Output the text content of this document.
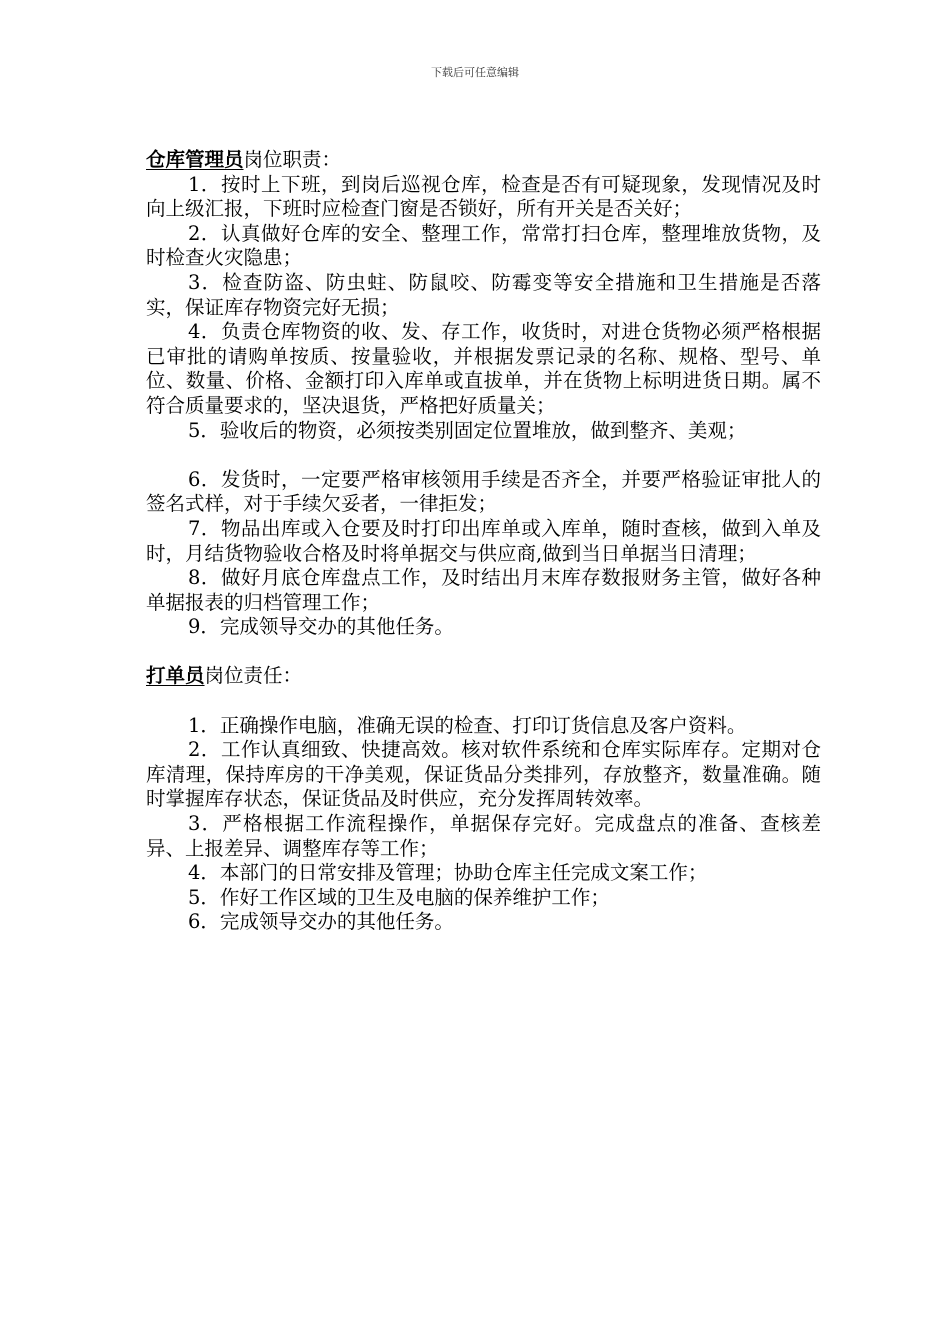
下载后可任意编辑

仓库管理员岗位职责：

1．按时上下班，到岗后巡视仓库，检查是否有可疑现象，发现情况及时向上级汇报，下班时应检查门窗是否锁好，所有开关是否关好；

2．认真做好仓库的安全、整理工作，常常打扫仓库，整理堆放货物，及时检查火灾隐患；

3．检查防盗、防虫蛀、防鼠咬、防霉变等安全措施和卫生措施是否落实，保证库存物资完好无损；

4．负责仓库物资的收、发、存工作，收货时，对进仓货物必须严格根据已审批的请购单按质、按量验收，并根据发票记录的名称、规格、型号、单位、数量、价格、金额打印入库单或直拔单，并在货物上标明进货日期。属不符合质量要求的，坚决退货，严格把好质量关；

5．验收后的物资，必须按类别固定位置堆放，做到整齐、美观；

6．发货时，一定要严格审核领用手续是否齐全，并要严格验证审批人的签名式样，对于手续欠妥者，一律拒发；

7．物品出库或入仓要及时打印出库单或入库单，随时查核，做到入单及时，月结货物验收合格及时将单据交与供应商,做到当日单据当日清理；

8．做好月底仓库盘点工作，及时结出月末库存数报财务主管，做好各种单据报表的归档管理工作；

9．完成领导交办的其他任务。

打单员岗位责任：

1．正确操作电脑，准确无误的检查、打印订货信息及客户资料。

2．工作认真细致、快捷高效。核对软件系统和仓库实际库存。定期对仓库清理，保持库房的干净美观，保证货品分类排列，存放整齐，数量准确。随时掌握库存状态，保证货品及时供应，充分发挥周转效率。

3．严格根据工作流程操作，单据保存完好。完成盘点的准备、查核差异、上报差异、调整库存等工作；

4．本部门的日常安排及管理；协助仓库主任完成文案工作；

5．作好工作区域的卫生及电脑的保养维护工作；

6．完成领导交办的其他任务。
